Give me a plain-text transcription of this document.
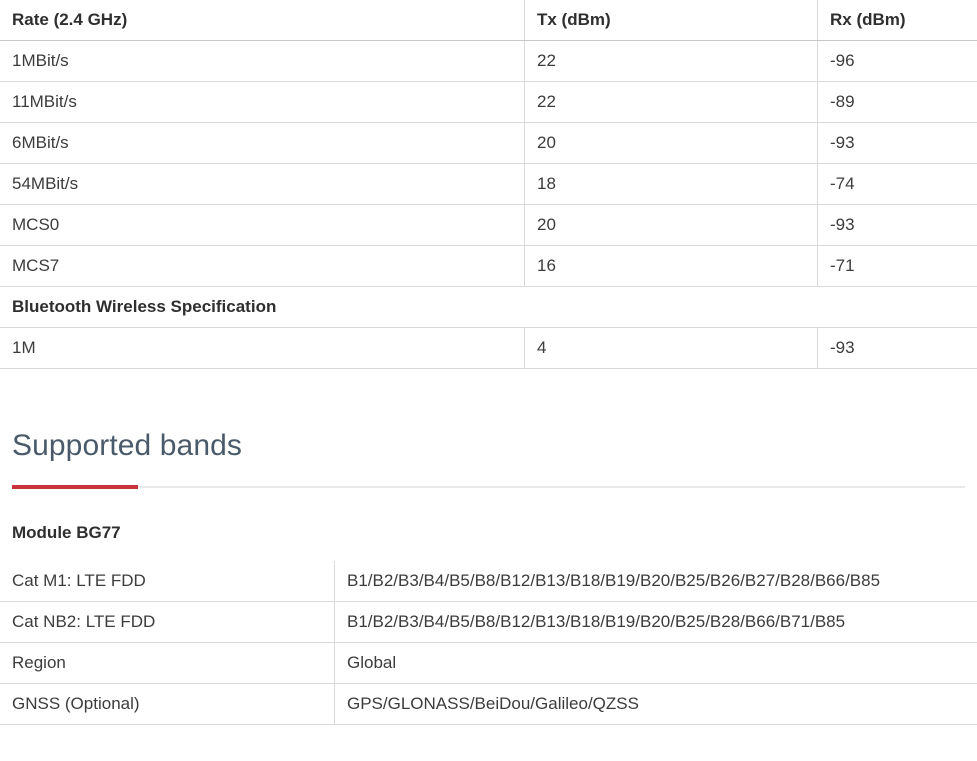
Rate (2.4 GHz)	Tx (dBm)	Rx (dBm)
1MBit/s	22	-96
11MBit/s	22	-89
6MBit/s	20	-93
54MBit/s	18	-74
MCS0	20	-93
MCS7	16	-71
Bluetooth Wireless Specification		
1M	4	-93
Supported bands
Module BG77
Cat M1: LTE FDD	B1/B2/B3/B4/B5/B8/B12/B13/B18/B19/B20/B25/B26/B27/B28/B66/B85
Cat NB2: LTE FDD	B1/B2/B3/B4/B5/B8/B12/B13/B18/B19/B20/B25/B28/B66/B71/B85
Region	Global
GNSS (Optional)	GPS/GLONASS/BeiDou/Galileo/QZSS
